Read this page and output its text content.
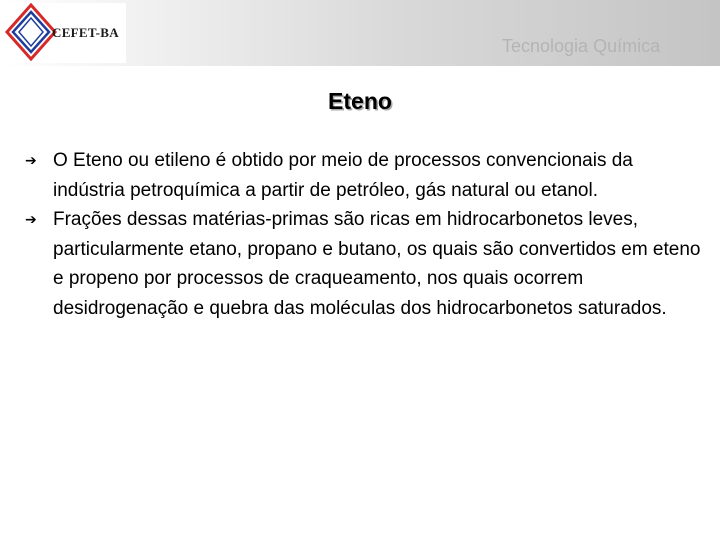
CEFET-BA
Tecnologia Química
Eteno
➔ O Eteno ou etileno é obtido por meio de processos convencionais da indústria petroquímica a partir de petróleo, gás natural ou etanol.
➔ Frações dessas matérias-primas são ricas em hidrocarbonetos leves, particularmente etano, propano e butano, os quais são convertidos em eteno e propeno por processos de craqueamento, nos quais ocorrem desidrogenação e quebra das moléculas dos hidrocarbonetos saturados.
